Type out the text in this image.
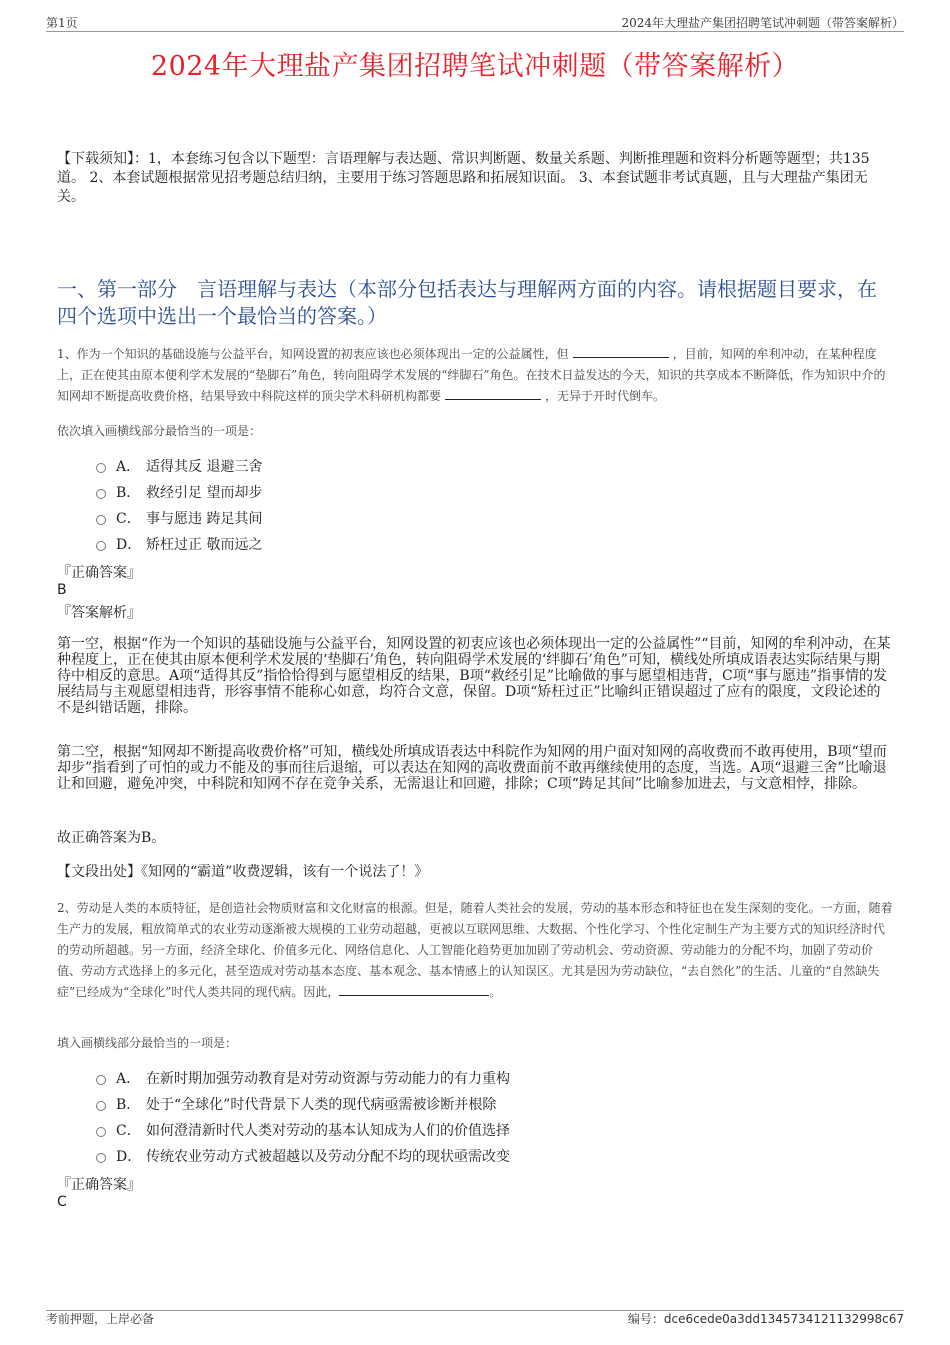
第1页	2024年大理盐产集团招聘笔试冲刺题（带答案解析）
2024年大理盐产集团招聘笔试冲刺题（带答案解析）
【下载须知】：1，本套练习包含以下题型：言语理解与表达题、常识判断题、数量关系题、判断推理题和资料分析题等题型；共135道。 2、本套试题根据常见招考题总结归纳，主要用于练习答题思路和拓展知识面。 3、本套试题非考试真题，且与大理盐产集团无关。
一、第一部分　言语理解与表达（本部分包括表达与理解两方面的内容。请根据题目要求，在四个选项中选出一个最恰当的答案。）
1、作为一个知识的基础设施与公益平台，知网设置的初衷应该也必须体现出一定的公益属性，但	，目前，知网的牟利冲动，在某种程度上，正在使其由原本便利学术发展的“垫脚石”角色，转向阻碍学术发展的“绊脚石”角色。在技术日益发达的今天，知识的共享成本不断降低，作为知识中介的知网却不断提高收费价格，结果导致中科院这样的顶尖学术科研机构都要	，无异于开时代倒车。
依次填入画横线部分最恰当的一项是：
A． 适得其反 退避三舍
B． 救经引足 望而却步
C． 事与愿违 踌足其间
D． 矫枉过正 敬而远之
『正确答案』
B
『答案解析』
第一空，根据“作为一个知识的基础设施与公益平台，知网设置的初衷应该也必须体现出一定的公益属性”“目前，知网的牟利冲动，在某种程度上，正在使其由原本便利学术发展的‘垫脚石’角色，转向阻碍学术发展的‘绊脚石’角色”可知，横线处所填成语表达实际结果与期待中相反的意思。A项“适得其反”指恰恰得到与愿望相反的结果，B项“救经引足”比喻做的事与愿望相违背，C项“事与愿违”指事情的发展结局与主观愿望相违背，形容事情不能称心如意，均符合文意，保留。D项“矫枉过正”比喻纠正错误超过了应有的限度，文段论述的不是纠错话题，排除。
第二空，根据“知网却不断提高收费价格”可知，横线处所填成语表达中科院作为知网的用户面对知网的高收费而不敢再使用，B项“望而却步”指看到了可怕的或力不能及的事而往后退缩，可以表达在知网的高收费面前不敢再继续使用的态度，当选。A项“退避三舍”比喻退让和回避，避免冲突，中科院和知网不存在竞争关系，无需退让和回避，排除；C项“踌足其间”比喻参加进去，与文意相悖，排除。
故正确答案为B。
【文段出处】《知网的“霸道”收费逻辑，该有一个说法了！》
2、劳动是人类的本质特征，是创造社会物质财富和文化财富的根源。但是，随着人类社会的发展，劳动的基本形态和特征也在发生深刻的变化。一方面，随着生产力的发展，粗放简单式的农业劳动逐渐被大规模的工业劳动超越，更被以互联网思维、大数据、个性化学习、个性化定制生产为主要方式的知识经济时代的劳动所超越。另一方面，经济全球化、价值多元化、网络信息化、人工智能化趋势更加加剧了劳动机会、劳动资源、劳动能力的分配不均，加剧了劳动价值、劳动方式选择上的多元化，甚至造成对劳动基本态度、基本观念、基本情感上的认知误区。尤其是因为劳动缺位，“去自然化”的生活、儿童的“自然缺失症”已经成为“全球化”时代人类共同的现代病。因此，	。
填入画横线部分最恰当的一项是：
A． 在新时期加强劳动教育是对劳动资源与劳动能力的有力重构
B． 处于“全球化”时代背景下人类的现代病亟需被诊断并根除
C． 如何澄清新时代人类对劳动的基本认知成为人们的价值选择
D． 传统农业劳动方式被超越以及劳动分配不均的现状亟需改变
『正确答案』
C
考前押题，上岸必备	编号：dce6cede0a3dd1345734121132998c67
